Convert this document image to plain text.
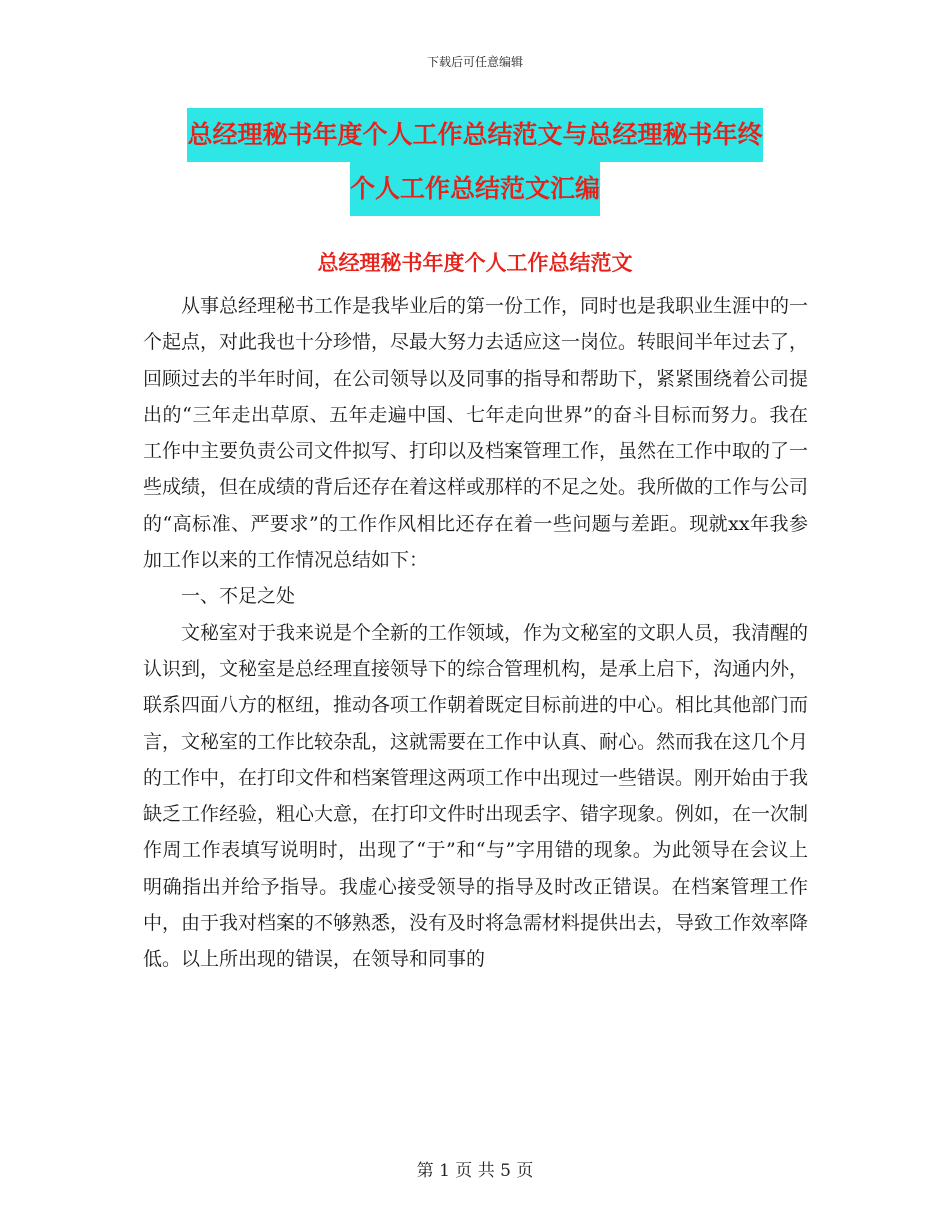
下载后可任意编辑
总经理秘书年度个人工作总结范文与总经理秘书年终
个人工作总结范文汇编
总经理秘书年度个人工作总结范文

从事总经理秘书工作是我毕业后的第一份工作，同时也是我职业生涯中的一个起点，对此我也十分珍惜，尽最大努力去适应这一岗位。转眼间半年过去了，回顾过去的半年时间，在公司领导以及同事的指导和帮助下，紧紧围绕着公司提出的“三年走出草原、五年走遍中国、七年走向世界”的奋斗目标而努力。我在工作中主要负责公司文件拟写、打印以及档案管理工作，虽然在工作中取的了一些成绩，但在成绩的背后还存在着这样或那样的不足之处。我所做的工作与公司的“高标准、严要求”的工作作风相比还存在着一些问题与差距。现就xx年我参加工作以来的工作情况总结如下：

一、不足之处

文秘室对于我来说是个全新的工作领域，作为文秘室的文职人员，我清醒的认识到，文秘室是总经理直接领导下的综合管理机构，是承上启下，沟通内外，联系四面八方的枢纽，推动各项工作朝着既定目标前进的中心。相比其他部门而言，文秘室的工作比较杂乱，这就需要在工作中认真、耐心。然而我在这几个月的工作中，在打印文件和档案管理这两项工作中出现过一些错误。刚开始由于我缺乏工作经验，粗心大意，在打印文件时出现丢字、错字现象。例如，在一次制作周工作表填写说明时，出现了“于”和“与”字用错的现象。为此领导在会议上明确指出并给予指导。我虚心接受领导的指导及时改正错误。在档案管理工作中，由于我对档案的不够熟悉，没有及时将急需材料提供出去，导致工作效率降低。以上所出现的错误，在领导和同事的

第 1 页 共 5 页
